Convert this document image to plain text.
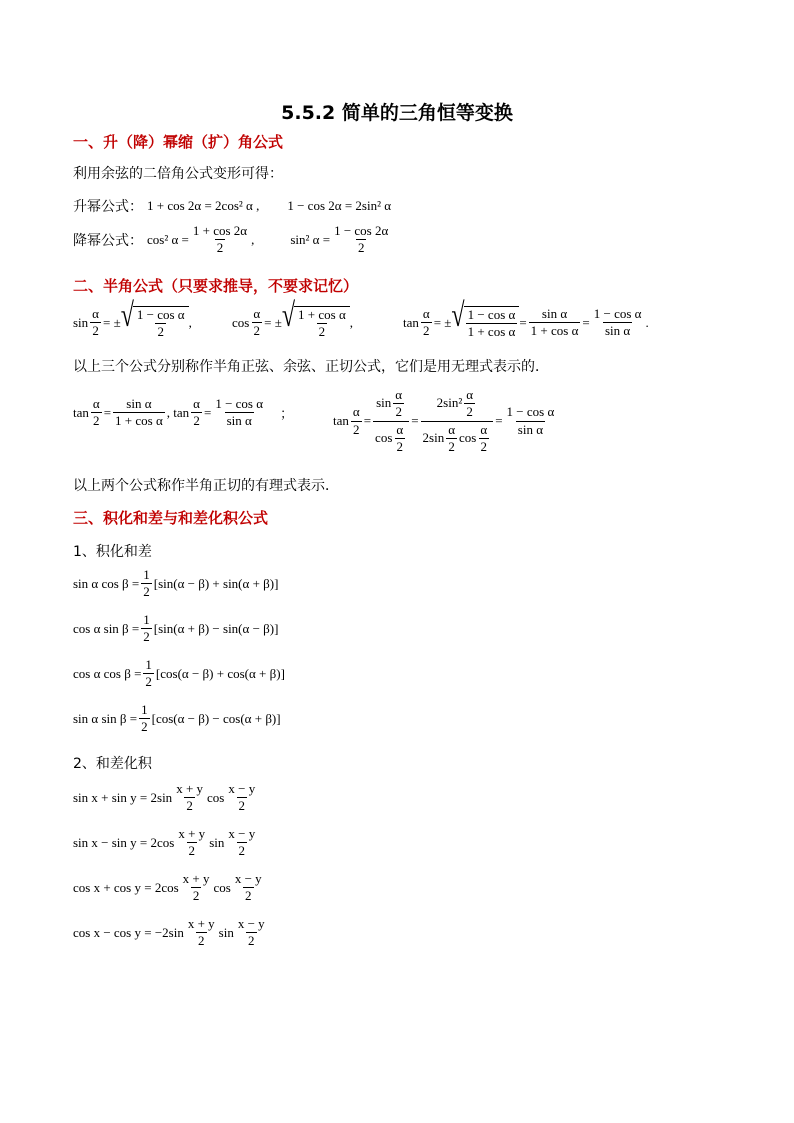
5.5.2 简单的三角恒等变换
一、升（降）幂缩（扩）角公式
利用余弦的二倍角公式变形可得：
升幂公式： 1 + cos 2α = 2cos² α , 1 − cos 2α = 2sin² α
降幂公式： cos² α =
1 + cos 2α
2
,	sin² α =
1 − cos 2α
2
二、半角公式（只要求推导，不要求记忆）
sin
α
2
= ± √ 1 − cos α
2
,	cos
α
2
= ± √ 1 + cos α
2
,	tan
α
2
= ± √ 1 − cos α
1 + cos α
=
sin α
1 + cos α
=
1 − cos α
sin α
.
以上三个公式分别称作半角正弦、余弦、正切公式，它们是用无理式表示的．
tan
α
2
=
sin α
1 + cos α
, tan
α
2
=
1 − cos α
sin α ；	tan
α
2
=
$\sin \frac{\alpha}{2}$
$\cos \frac{\alpha}{2}$
=
$2\sin^2 \frac{\alpha}{2}$
$2\sin \frac{\alpha}{2}$ $\cos \frac{\alpha}{2}$
=
1 − cos α
sin α
以上两个公式称作半角正切的有理式表示．
三、积化和差与和差化积公式
1、积化和差
sin α cos β =
1
2
[sin(α − β) + sin(α + β)]
cos α sin β =
1
2
[sin(α + β) − sin(α − β)]
cos α cos β =
1
2
[cos(α − β) + cos(α + β)]
sin α sin β =
1
2
[cos(α − β) − cos(α + β)]
2、和差化积
sin x + sin y = 2sin
x + y
2
cos
x − y
2
sin x − sin y = 2cos
x + y
2
sin
x − y
2
cos x + cos y = 2cos
x + y
2
cos
x − y
2
cos x − cos y = −2sin
x + y
2
sin
x − y
2
